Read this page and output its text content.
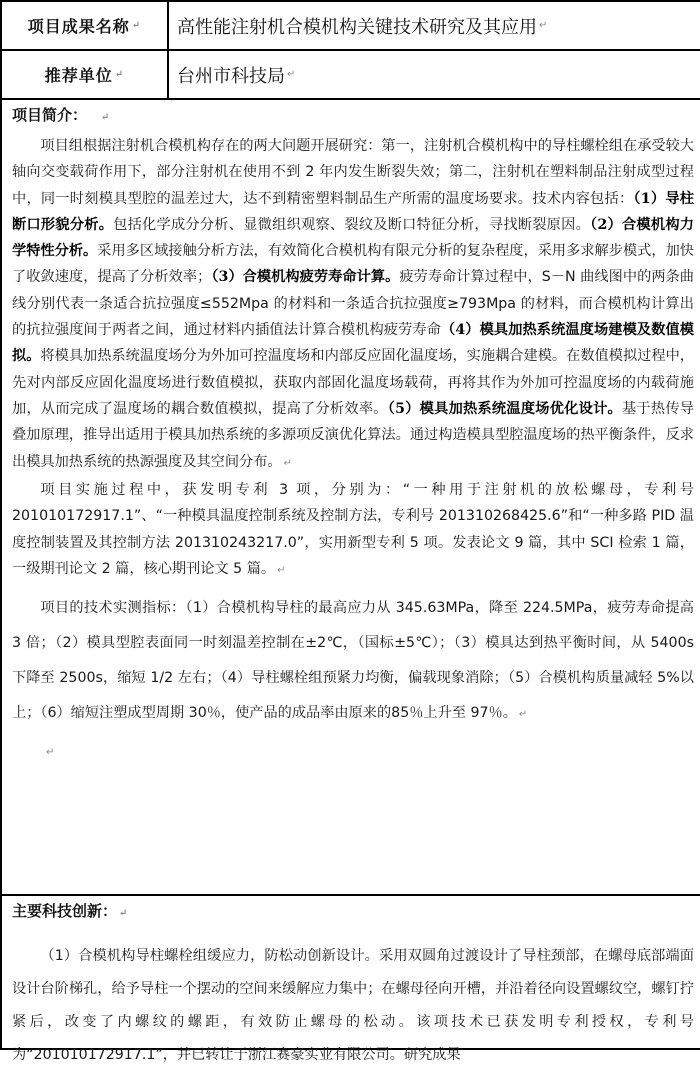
项目成果名称 ↵ 高性能注射机合模机构关键技术研究及其应用 ↵
推荐单位 ↵	台州市科技局 ↵
项目简介： ↵

项目组根据注射机合模机构存在的两大问题开展研究：第一，注射机合模机构中的导柱螺栓组在承受较大轴向交变载荷作用下，部分注射机在使用不到 2 年内发生断裂失效；第二，注射机在塑料制品注射成型过程中，同一时刻模具型腔的温差过大，达不到精密塑料制品生产所需的温度场要求。技术内容包括：（1）导柱断口形貌分析。包括化学成分分析、显微组织观察、裂纹及断口特征分析，寻找断裂原因。（2）合模机构力学特性分析。采用多区域接触分析方法，有效简化合模机构有限元分析的复杂程度，采用多求解步模式，加快了收敛速度，提高了分析效率；（3）合模机构疲劳寿命计算。疲劳寿命计算过程中，S－N 曲线图中的两条曲线分别代表一条适合抗拉强度≤552Mpa 的材料和一条适合抗拉强度≥793Mpa 的材料，而合模机构计算出的抗拉强度间于两者之间，通过材料内插值法计算合模机构疲劳寿命（4）模具加热系统温度场建模及数值模拟。将模具加热系统温度场分为外加可控温度场和内部反应固化温度场，实施耦合建模。在数值模拟过程中，先对内部反应固化温度场进行数值模拟，获取内部固化温度场载荷，再将其作为外加可控温度场的内载荷施加，从而完成了温度场的耦合数值模拟，提高了分析效率。（5）模具加热系统温度场优化设计。基于热传导叠加原理，推导出适用于模具加热系统的多源项反演优化算法。通过构造模具型腔温度场的热平衡条件，反求出模具加热系统的热源强度及其空间分布。 ↵

项目实施过程中，获发明专利 3 项，分别为：“一种用于注射机的放松螺母，专利号201010172917.1”、“一种模具温度控制系统及控制方法，专利号 201310268425.6”和“一种多路 PID 温度控制装置及其控制方法 201310243217.0”，实用新型专利 5 项。发表论文 9 篇，其中 SCI 检索 1 篇，一级期刊论文 2 篇，核心期刊论文 5 篇。 ↵

项目的技术实测指标：（1）合模机构导柱的最高应力从 345.63MPa，降至 224.5MPa，疲劳寿命提高 3 倍；（2）模具型腔表面同一时刻温差控制在±2℃，（国标±5℃）；（3）模具达到热平衡时间，从 5400s 下降至 2500s，缩短 1/2 左右；（4）导柱螺栓组预紧力均衡，偏载现象消除；（5）合模机构质量减轻 5%以上；（6）缩短注塑成型周期 30％，使产品的成品率由原来的85％上升至 97％。 ↵

↵
主要科技创新： ↵

（1）合模机构导柱螺栓组缓应力，防松动创新设计。采用双圆角过渡设计了导柱颈部，在螺母底部端面设计台阶梯孔，给予导柱一个摆动的空间来缓解应力集中；在螺母径向开槽，并沿着径向设置螺纹空，螺钉拧紧后，改变了内螺纹的螺距，有效防止螺母的松动。该项技术已获发明专利授权，专利号为“201010172917.1”，并已转让于浙江赛豪实业有限公司。研究成果
